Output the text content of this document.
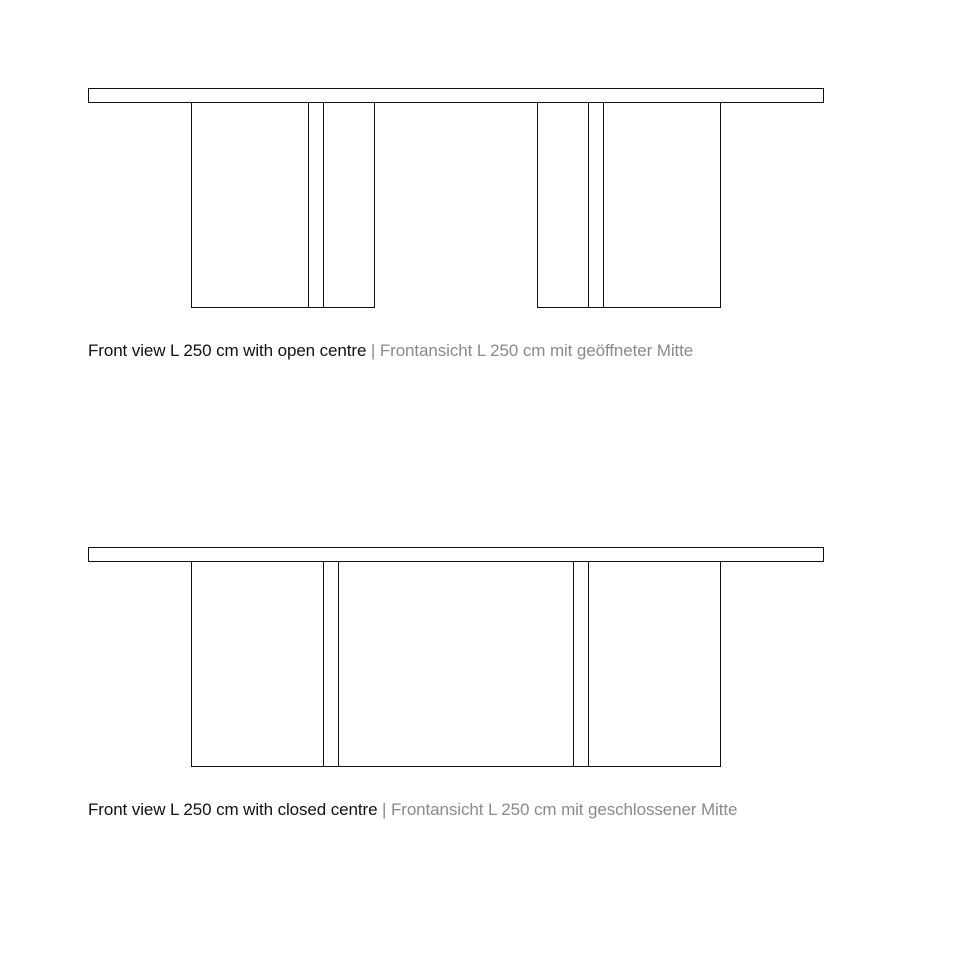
Front view L 250 cm with open centre | Frontansicht L 250 cm mit geöffneter Mitte
Front view L 250 cm with closed centre | Frontansicht L 250 cm mit geschlossener Mitte
